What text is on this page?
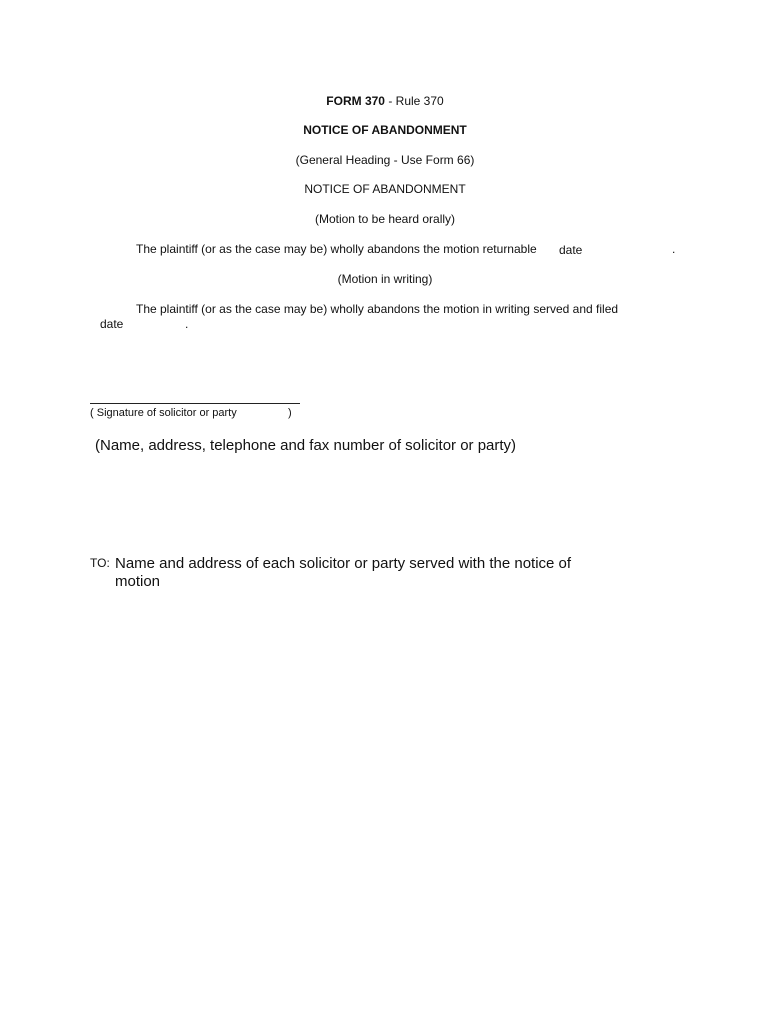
FORM 370 - Rule 370
NOTICE OF ABANDONMENT
(General Heading - Use Form 66)
NOTICE OF ABANDONMENT
(Motion to be heard orally)
The plaintiff (or as the case may be) wholly abandons the motion returnable date	.
(Motion in writing)
The plaintiff (or as the case may be) wholly abandons the motion in writing served and filed
date	.
( Signature of solicitor or party	)
(Name, address, telephone and fax number of solicitor or party)
TO: Name and address of each solicitor or party served with the notice of
motion
